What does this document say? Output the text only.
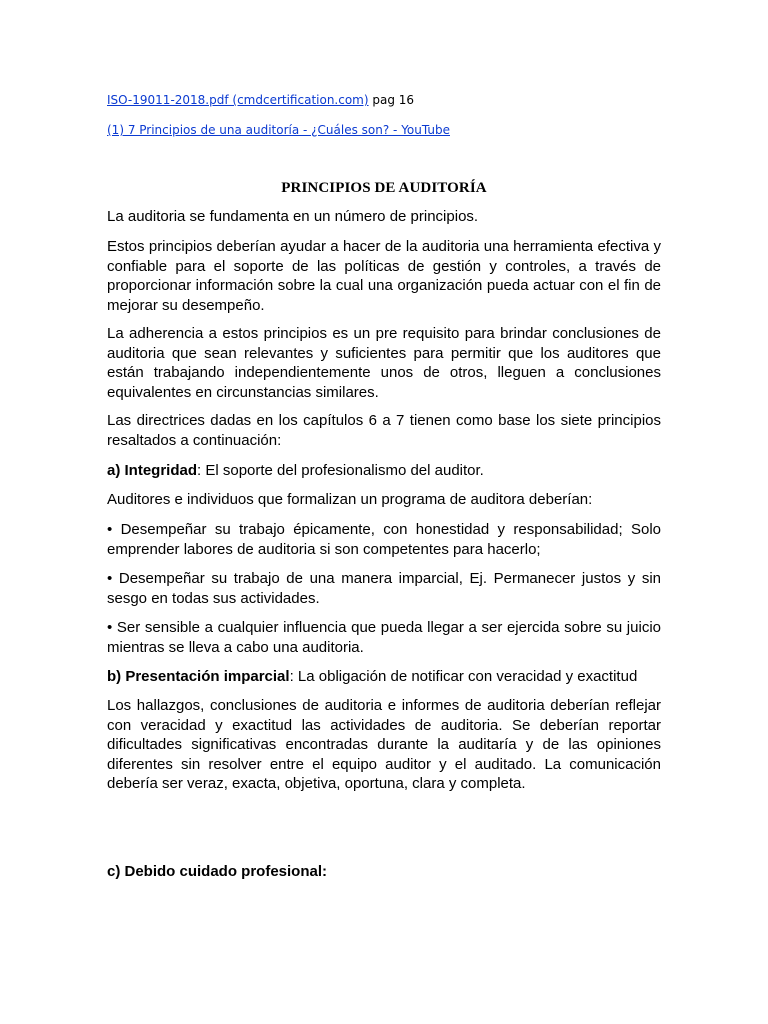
ISO-19011-2018.pdf (cmdcertification.com) pag 16
(1) 7 Principios de una auditoría - ¿Cuáles son? - YouTube
PRINCIPIOS DE AUDITORÍA

La auditoria se fundamenta en un número de principios.

Estos principios deberían ayudar a hacer de la auditoria una herramienta efectiva y confiable para el soporte de las políticas de gestión y controles, a través de proporcionar información sobre la cual una organización pueda actuar con el fin de mejorar su desempeño.

La adherencia a estos principios es un pre requisito para brindar conclusiones de auditoria que sean relevantes y suficientes para permitir que los auditores que están trabajando independientemente unos de otros, lleguen a conclusiones equivalentes en circunstancias similares.

Las directrices dadas en los capítulos 6 a 7 tienen como base los siete principios resaltados a continuación:

a) Integridad: El soporte del profesionalismo del auditor.

Auditores e individuos que formalizan un programa de auditora deberían:

• Desempeñar su trabajo épicamente, con honestidad y responsabilidad; Solo emprender labores de auditoria si son competentes para hacerlo;

• Desempeñar su trabajo de una manera imparcial, Ej. Permanecer justos y sin sesgo en todas sus actividades.

• Ser sensible a cualquier influencia que pueda llegar a ser ejercida sobre su juicio mientras se lleva a cabo una auditoria.

b) Presentación imparcial: La obligación de notificar con veracidad y exactitud

Los hallazgos, conclusiones de auditoria e informes de auditoria deberían reflejar con veracidad y exactitud las actividades de auditoria. Se deberían reportar dificultades significativas encontradas durante la auditaría y de las opiniones diferentes sin resolver entre el equipo auditor y el auditado. La comunicación debería ser veraz, exacta, objetiva, oportuna, clara y completa.

c) Debido cuidado profesional:
